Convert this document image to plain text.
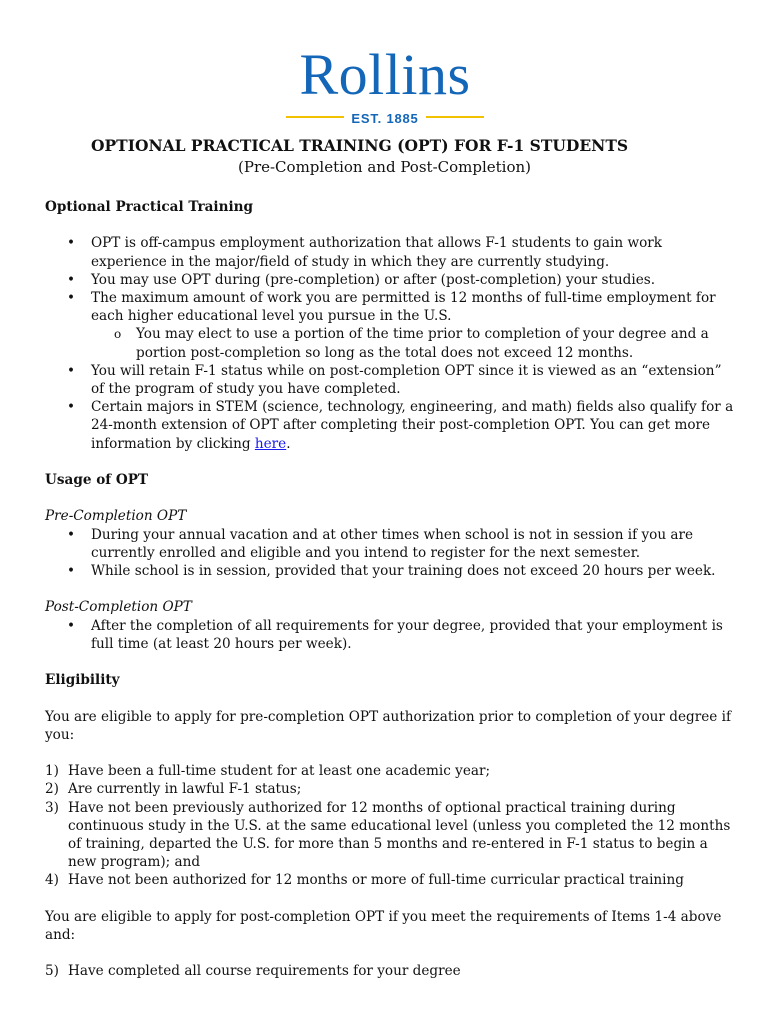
Rollins
EST. 1885
OPTIONAL PRACTICAL TRAINING (OPT) FOR F-1 STUDENTS
(Pre-Completion and Post-Completion)

Optional Practical Training

• OPT is off-campus employment authorization that allows F-1 students to gain work experience in the major/field of study in which they are currently studying.
• You may use OPT during (pre-completion) or after (post-completion) your studies.
• The maximum amount of work you are permitted is 12 months of full-time employment for each higher educational level you pursue in the U.S.
o You may elect to use a portion of the time prior to completion of your degree and a portion post-completion so long as the total does not exceed 12 months.
• You will retain F-1 status while on post-completion OPT since it is viewed as an “extension” of the program of study you have completed.
• Certain majors in STEM (science, technology, engineering, and math) fields also qualify for a 24-month extension of OPT after completing their post-completion OPT. You can get more information by clicking here.

Usage of OPT

Pre-Completion OPT

• During your annual vacation and at other times when school is not in session if you are currently enrolled and eligible and you intend to register for the next semester.
• While school is in session, provided that your training does not exceed 20 hours per week.

Post-Completion OPT

• After the completion of all requirements for your degree, provided that your employment is full time (at least 20 hours per week).

Eligibility

You are eligible to apply for pre-completion OPT authorization prior to completion of your degree if you:

1) Have been a full-time student for at least one academic year;
2) Are currently in lawful F-1 status;
3) Have not been previously authorized for 12 months of optional practical training during continuous study in the U.S. at the same educational level (unless you completed the 12 months of training, departed the U.S. for more than 5 months and re-entered in F-1 status to begin a new program); and
4) Have not been authorized for 12 months or more of full-time curricular practical training

You are eligible to apply for post-completion OPT if you meet the requirements of Items 1-4 above and:

5) Have completed all course requirements for your degree
